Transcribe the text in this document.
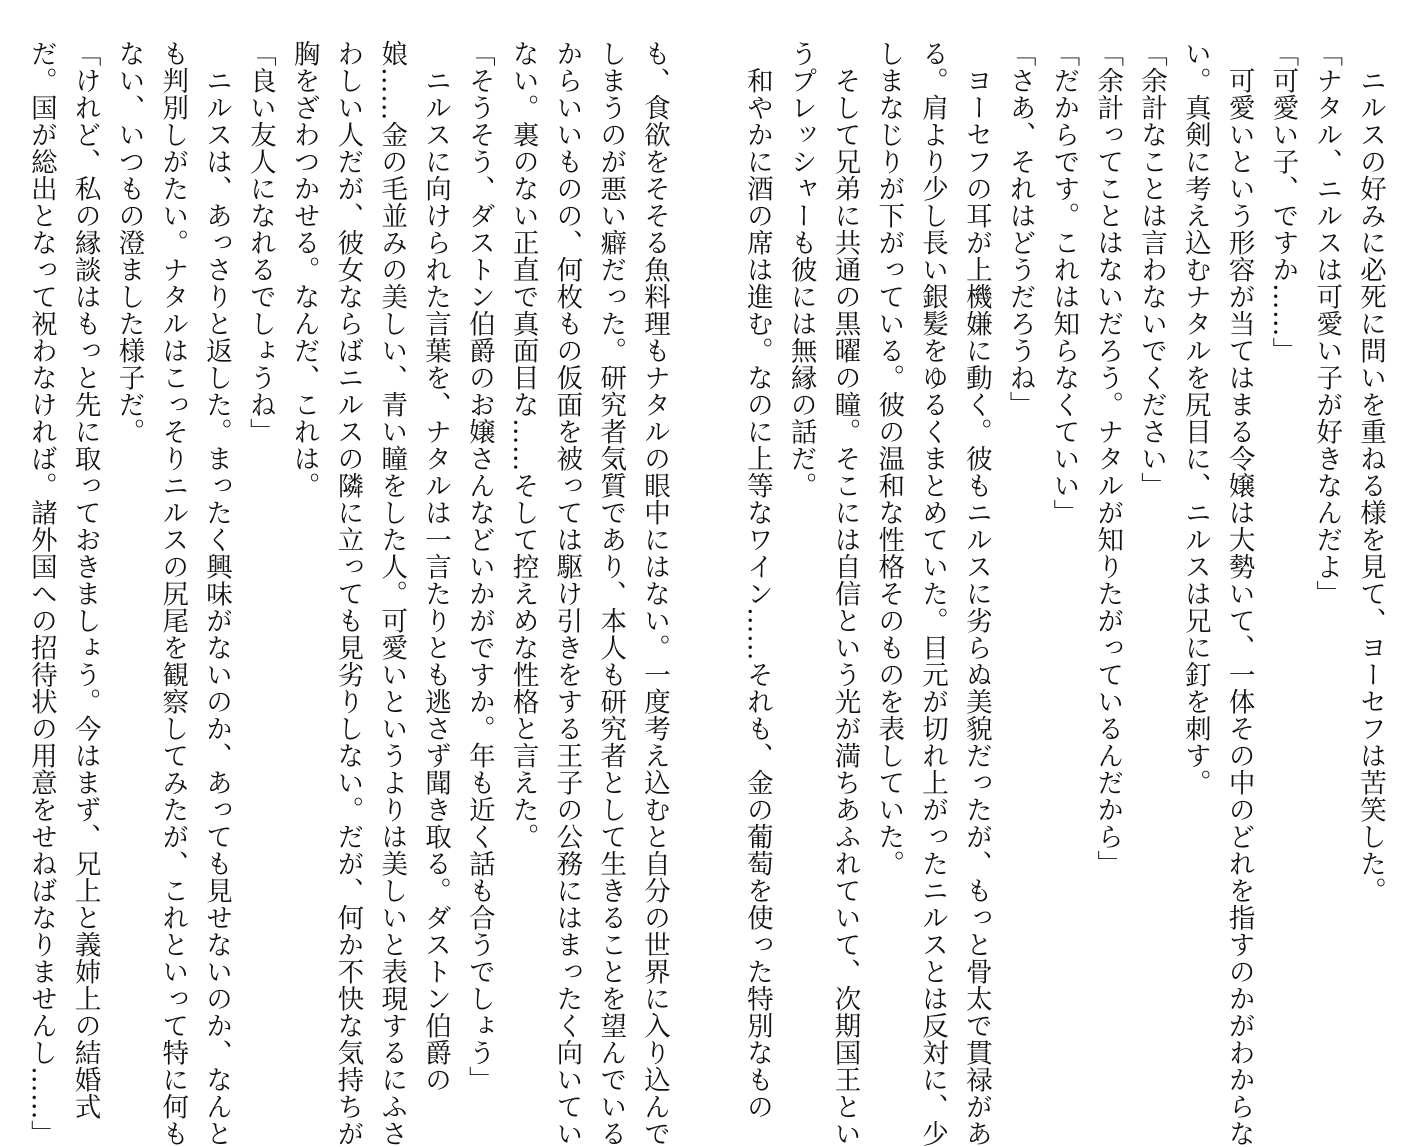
ニルスの好みに必死に問いを重ねる様を見て、ヨーセフは苦笑した。
「ナタル、ニルスは可愛い子が好きなんだよ」
「可愛い子、ですか……」
可愛いという形容が当てはまる令嬢は大勢いて、一体その中のどれを指すのかがわからな
い。真剣に考え込むナタルを尻目に、ニルスは兄に釘を刺す。
「余計なことは言わないでください」
「余計ってことはないだろう。ナタルが知りたがっているんだから」
「だからです。これは知らなくていい」
「さあ、それはどうだろうね」
ヨーセフの耳が上機嫌に動く。彼もニルスに劣らぬ美貌だったが、もっと骨太で貫禄があ
る。肩より少し長い銀髪をゆるくまとめていた。目元が切れ上がったニルスとは反対に、少
しまなじりが下がっている。彼の温和な性格そのものを表していた。
そして兄弟に共通の黒曜の瞳。そこには自信という光が満ちあふれていて、次期国王とい
うプレッシャーも彼には無縁の話だ。
和やかに酒の席は進む。なのに上等なワイン……それも、金の葡萄を使った特別なもの
も、食欲をそそる魚料理もナタルの眼中にはない。一度考え込むと自分の世界に入り込んで
しまうのが悪い癖だった。研究者気質であり、本人も研究者として生きることを望んでいる
からいいものの、何枚もの仮面を被っては駆け引きをする王子の公務にはまったく向いてい
ない。裏のない正直で真面目な……そして控えめな性格と言えた。
「そうそう、ダストン伯爵のお嬢さんなどいかがですか。年も近く話も合うでしょう」
ニルスに向けられた言葉を、ナタルは一言たりとも逃さず聞き取る。ダストン伯爵の
娘……金の毛並みの美しい、青い瞳をした人。可愛いというよりは美しいと表現するにふさ
わしい人だが、彼女ならばニルスの隣に立っても見劣りしない。だが、何か不快な気持ちが
胸をざわつかせる。なんだ、これは。
「良い友人になれるでしょうね」
ニルスは、あっさりと返した。まったく興味がないのか、あっても見せないのか、なんと
も判別しがたい。ナタルはこっそりニルスの尻尾を観察してみたが、これといって特に何も
ない、いつもの澄ました様子だ。
「けれど、私の縁談はもっと先に取っておきましょう。今はまず、兄上と義姉上の結婚式
だ。国が総出となって祝わなければ。諸外国への招待状の用意をせねばなりませんし……」
